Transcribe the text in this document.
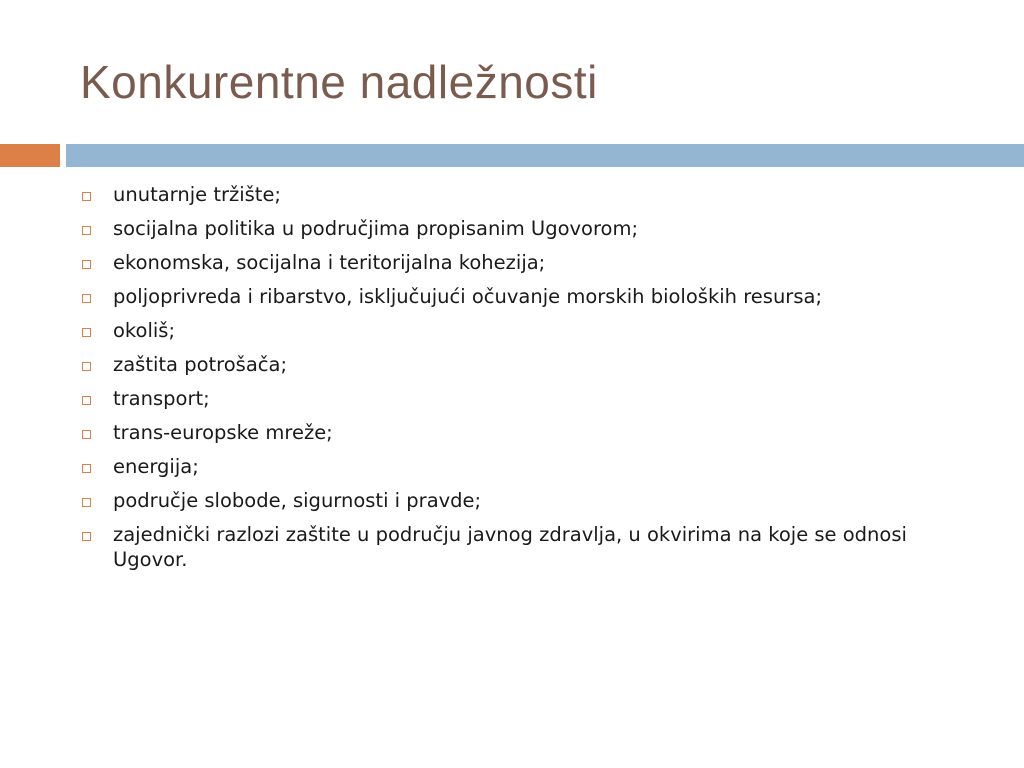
Konkurentne nadležnosti
unutarnje tržište;
socijalna politika u područjima propisanim Ugovorom;
ekonomska, socijalna i teritorijalna kohezija;
poljoprivreda i ribarstvo, isključujući očuvanje morskih bioloških resursa;
okoliš;
zaštita potrošača;
transport;
trans-europske mreže;
energija;
područje slobode, sigurnosti i pravde;
zajednički razlozi zaštite u području javnog zdravlja, u okvirima na koje se odnosi Ugovor.
